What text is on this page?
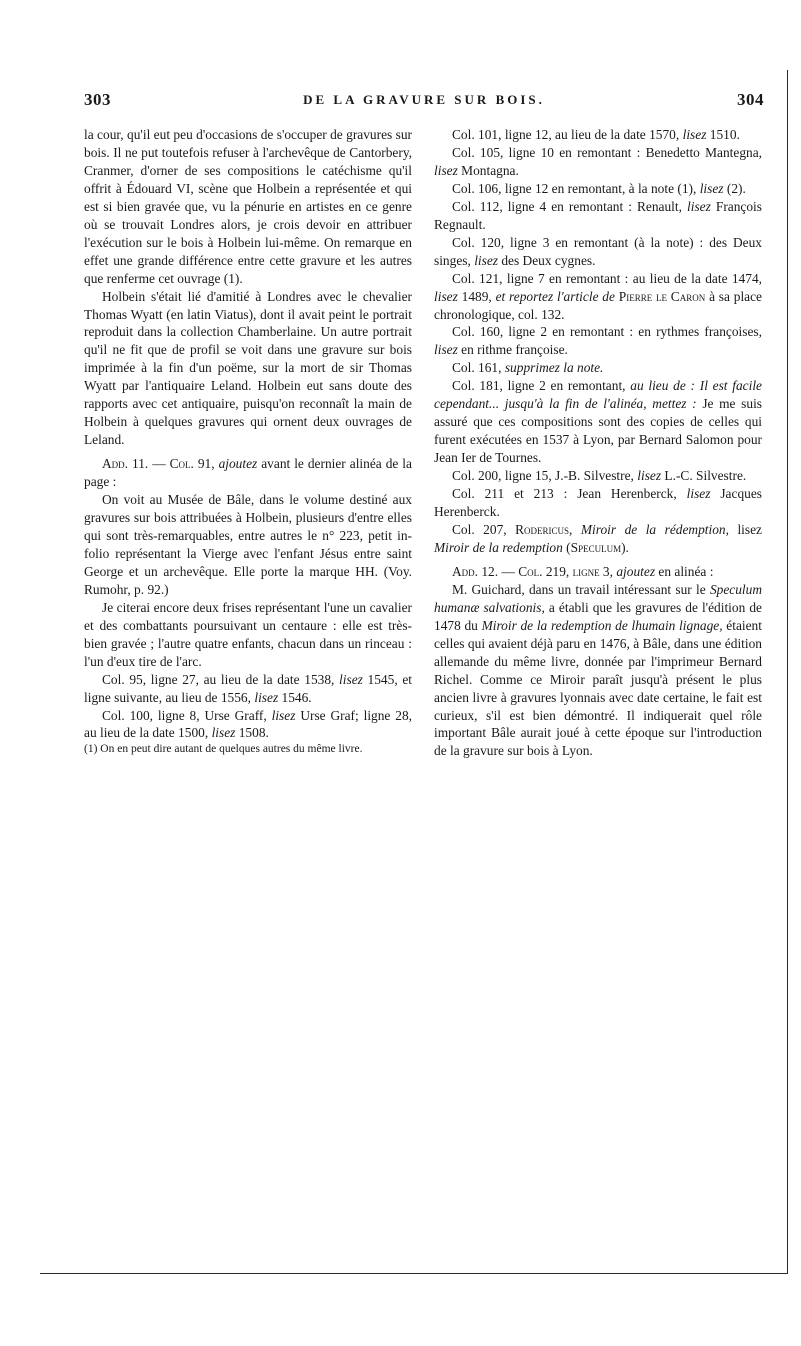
303	DE LA GRAVURE SUR BOIS.	304

la cour, qu'il eut peu d'occasions de s'occuper de gravures sur bois. Il ne put toutefois refuser à l'archevêque de Cantorbery, Cranmer, d'orner de ses compositions le catéchisme qu'il offrit à Édouard VI, scène que Holbein a représentée et qui est si bien gravée que, vu la pénurie en artistes en ce genre où se trouvait Londres alors, je crois devoir en attribuer l'exécution sur le bois à Holbein lui-même. On remarque en effet une grande différence entre cette gravure et les autres que renferme cet ouvrage (1).

Holbein s'était lié d'amitié à Londres avec le chevalier Thomas Wyatt (en latin Viatus), dont il avait peint le portrait reproduit dans la collection Chamberlaine. Un autre portrait qu'il ne fit que de profil se voit dans une gravure sur bois imprimée à la fin d'un poëme, sur la mort de sir Thomas Wyatt par l'antiquaire Leland. Holbein eut sans doute des rapports avec cet antiquaire, puisqu'on reconnaît la main de Holbein à quelques gravures qui ornent deux ouvrages de Leland.

Add. 11. — Col. 91, ajoutez avant le dernier alinéa de la page :

On voit au Musée de Bâle, dans le volume destiné aux gravures sur bois attribuées à Holbein, plusieurs d'entre elles qui sont très-remarquables, entre autres le n° 223, petit in-folio représentant la Vierge avec l'enfant Jésus entre saint George et un archevêque. Elle porte la marque HH. (Voy. Rumohr, p. 92.)

Je citerai encore deux frises représentant l'une un cavalier et des combattants poursuivant un centaure : elle est très-bien gravée ; l'autre quatre enfants, chacun dans un rinceau : l'un d'eux tire de l'arc.

Col. 95, ligne 27, au lieu de la date 1538, lisez 1545, et ligne suivante, au lieu de 1556, lisez 1546.

Col. 100, ligne 8, Urse Graff, lisez Urse Graf; ligne 28, au lieu de la date 1500, lisez 1508.

(1) On en peut dire autant de quelques autres du même livre.

Col. 101, ligne 12, au lieu de la date 1570, lisez 1510.

Col. 105, ligne 10 en remontant : Benedetto Mantegna, lisez Montagna.

Col. 106, ligne 12 en remontant, à la note (1), lisez (2).

Col. 112, ligne 4 en remontant : Renault, lisez François Regnault.

Col. 120, ligne 3 en remontant (à la note) : des Deux singes, lisez des Deux cygnes.

Col. 121, ligne 7 en remontant : au lieu de la date 1474, lisez 1489, et reportez l'article de Pierre le Caron à sa place chronologique, col. 132.

Col. 160, ligne 2 en remontant : en rythmes françoises, lisez en rithme françoise.

Col. 161, supprimez la note.

Col. 181, ligne 2 en remontant, au lieu de : Il est facile cependant... jusqu'à la fin de l'alinéa, mettez : Je me suis assuré que ces compositions sont des copies de celles qui furent exécutées en 1537 à Lyon, par Bernard Salomon pour Jean Ier de Tournes.

Col. 200, ligne 15, J.-B. Silvestre, lisez L.-C. Silvestre.

Col. 211 et 213 : Jean Herenberck, lisez Jacques Herenberck.

Col. 207, Rodericus, Miroir de la rédemption, lisez Miroir de la redemption (Speculum).

Add. 12. — Col. 219, ligne 3, ajoutez en alinéa :

M. Guichard, dans un travail intéressant sur le Speculum humanæ salvationis, a établi que les gravures de l'édition de 1478 du Miroir de la redemption de lhumain lignage, étaient celles qui avaient déjà paru en 1476, à Bâle, dans une édition allemande du même livre, donnée par l'imprimeur Bernard Richel. Comme ce Miroir paraît jusqu'à présent le plus ancien livre à gravures lyonnais avec date certaine, le fait est curieux, s'il est bien démontré. Il indiquerait quel rôle important Bâle aurait joué à cette époque sur l'introduction de la gravure sur bois à Lyon.
